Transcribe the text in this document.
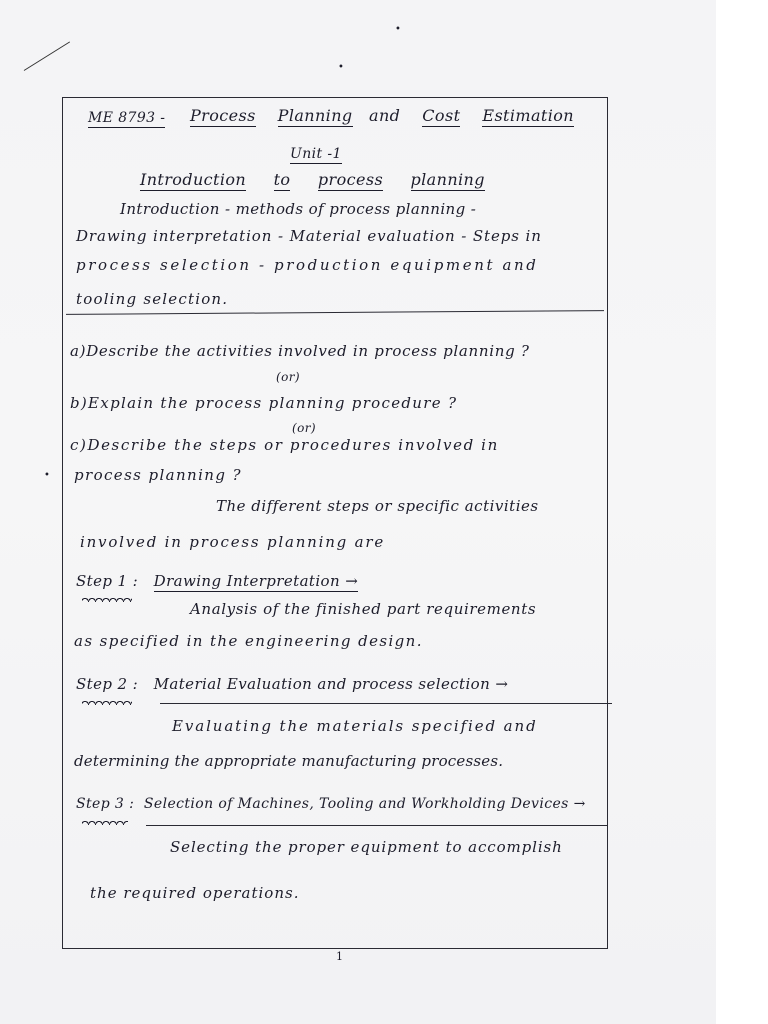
•
•
•
ME 8793 - Process Planning and Cost Estimation
Unit -1
Introduction to process planning
Introduction - methods of process planning -
Drawing interpretation - Material evaluation - Steps in
process selection - production equipment and
tooling selection.
a)Describe the activities involved in process planning ?
(or)
b)Explain the process planning procedure ?
(or)
c)Describe the steps or procedures involved in
process planning ?
The different steps or specific activities
involved in process planning are
Step 1 : Drawing Interpretation →
Analysis of the finished part requirements
as specified in the engineering design.
Step 2 : Material Evaluation and process selection →
Evaluating the materials specified and
determining the appropriate manufacturing processes.
Step 3 : Selection of Machines, Tooling and Workholding Devices →
Selecting the proper equipment to accomplish
the required operations.
1
